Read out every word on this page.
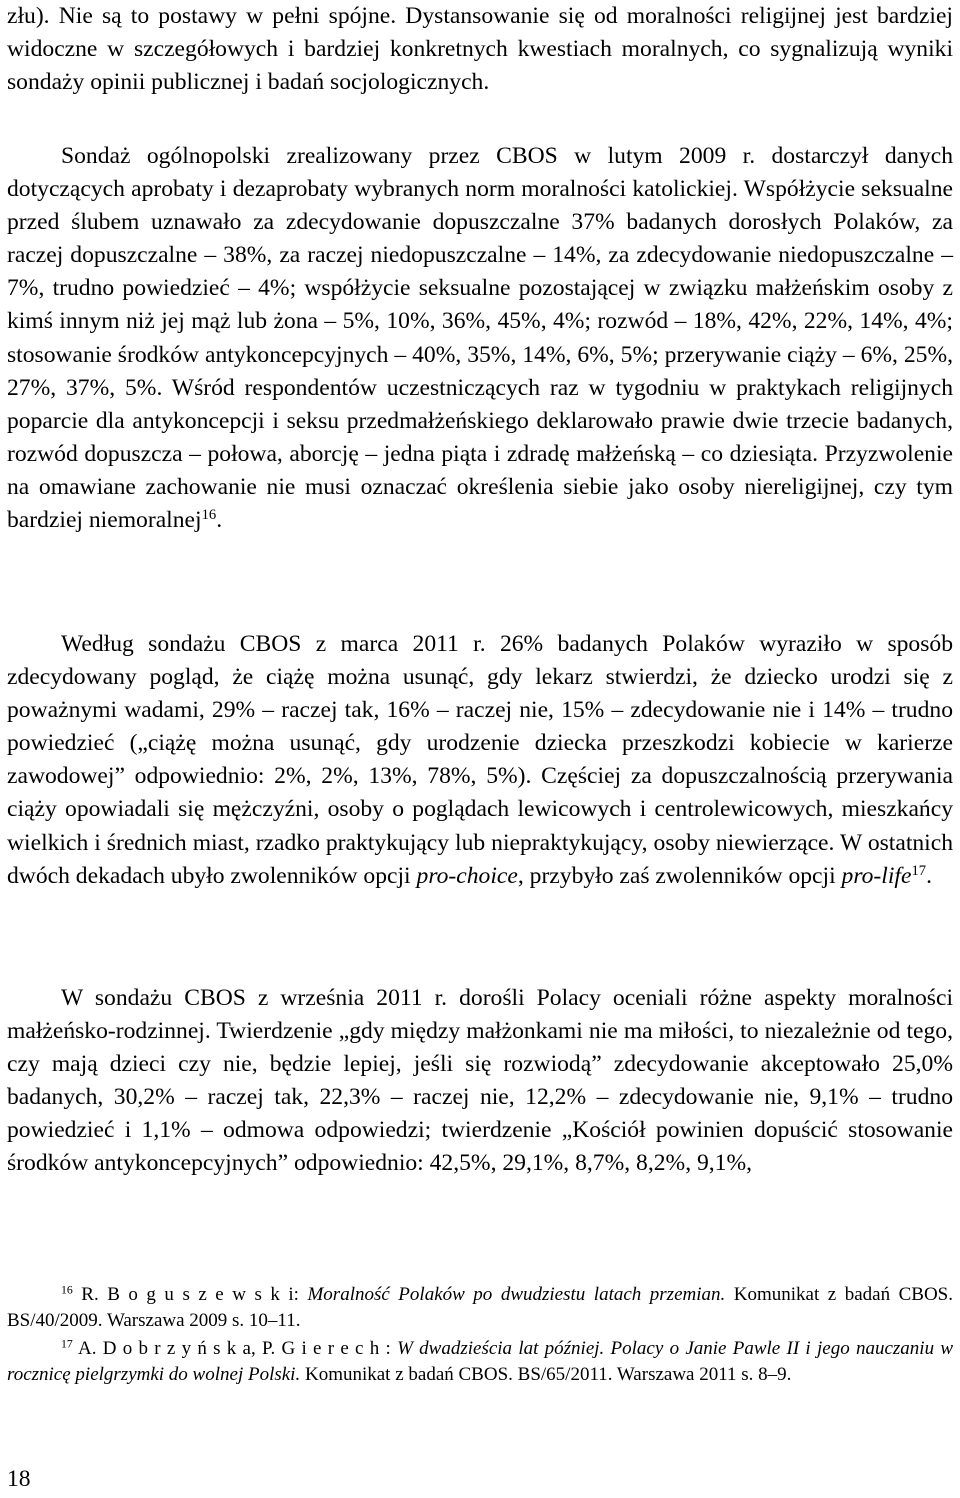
złu). Nie są to postawy w pełni spójne. Dystansowanie się od moralności religijnej jest bardziej widoczne w szczegółowych i bardziej konkretnych kwestiach moralnych, co sygnalizują wyniki sondaży opinii publicznej i badań socjologicznych.
Sondaż ogólnopolski zrealizowany przez CBOS w lutym 2009 r. dostarczył danych dotyczących aprobaty i dezaprobaty wybranych norm moralności katolickiej. Współżycie seksualne przed ślubem uznawało za zdecydowanie dopuszczalne 37% badanych dorosłych Polaków, za raczej dopuszczalne – 38%, za raczej niedopuszczalne – 14%, za zdecydowanie niedopuszczalne – 7%, trudno powiedzieć – 4%; współżycie seksualne pozostającej w związku małżeńskim osoby z kimś innym niż jej mąż lub żona – 5%, 10%, 36%, 45%, 4%; rozwód – 18%, 42%, 22%, 14%, 4%; stosowanie środków antykoncepcyjnych – 40%, 35%, 14%, 6%, 5%; przerywanie ciąży – 6%, 25%, 27%, 37%, 5%. Wśród respondentów uczestniczących raz w tygodniu w praktykach religijnych poparcie dla antykoncepcji i seksu przedmałżeńskiego deklarowało prawie dwie trzecie badanych, rozwód dopuszcza – połowa, aborcję – jedna piąta i zdradę małżeńską – co dziesiąta. Przyzwolenie na omawiane zachowanie nie musi oznaczać określenia siebie jako osoby niereligijnej, czy tym bardziej niemoralnej$^{16}$.
Według sondażu CBOS z marca 2011 r. 26% badanych Polaków wyraziło w sposób zdecydowany pogląd, że ciążę można usunąć, gdy lekarz stwierdzi, że dziecko urodzi się z poważnymi wadami, 29% – raczej tak, 16% – raczej nie, 15% – zdecydowanie nie i 14% – trudno powiedzieć („ciążę można usunąć, gdy urodzenie dziecka przeszkodzi kobiecie w karierze zawodowej” odpowiednio: 2%, 2%, 13%, 78%, 5%). Częściej za dopuszczalnością przerywania ciąży opowiadali się mężczyźni, osoby o poglądach lewicowych i centrolewicowych, mieszkańcy wielkich i średnich miast, rzadko praktykujący lub niepraktykujący, osoby niewierzące. W ostatnich dwóch dekadach ubyło zwolenników opcji pro-choice, przybyło zaś zwolenników opcji pro-life$^{17}$.
W sondażu CBOS z września 2011 r. dorośli Polacy oceniali różne aspekty moralności małżeńsko-rodzinnej. Twierdzenie „gdy między małżonkami nie ma miłości, to niezależnie od tego, czy mają dzieci czy nie, będzie lepiej, jeśli się rozwiodą” zdecydowanie akceptowało 25,0% badanych, 30,2% – raczej tak, 22,3% – raczej nie, 12,2% – zdecydowanie nie, 9,1% – trudno powiedzieć i 1,1% – odmowa odpowiedzi; twierdzenie „Kościół powinien dopuścić stosowanie środków antykoncepcyjnych” odpowiednio: 42,5%, 29,1%, 8,7%, 8,2%, 9,1%,
$^{16}$ R. B o g u s z e w s k i: Moralność Polaków po dwudziestu latach przemian. Komunikat z badań CBOS. BS/40/2009. Warszawa 2009 s. 10–11.
$^{17}$ A. D o b r z y ń s k a, P. G i e r e c h : W dwadzieścia lat później. Polacy o Janie Pawle II i jego nauczaniu w rocznicę pielgrzymki do wolnej Polski. Komunikat z badań CBOS. BS/65/2011. Warszawa 2011 s. 8–9.
18
